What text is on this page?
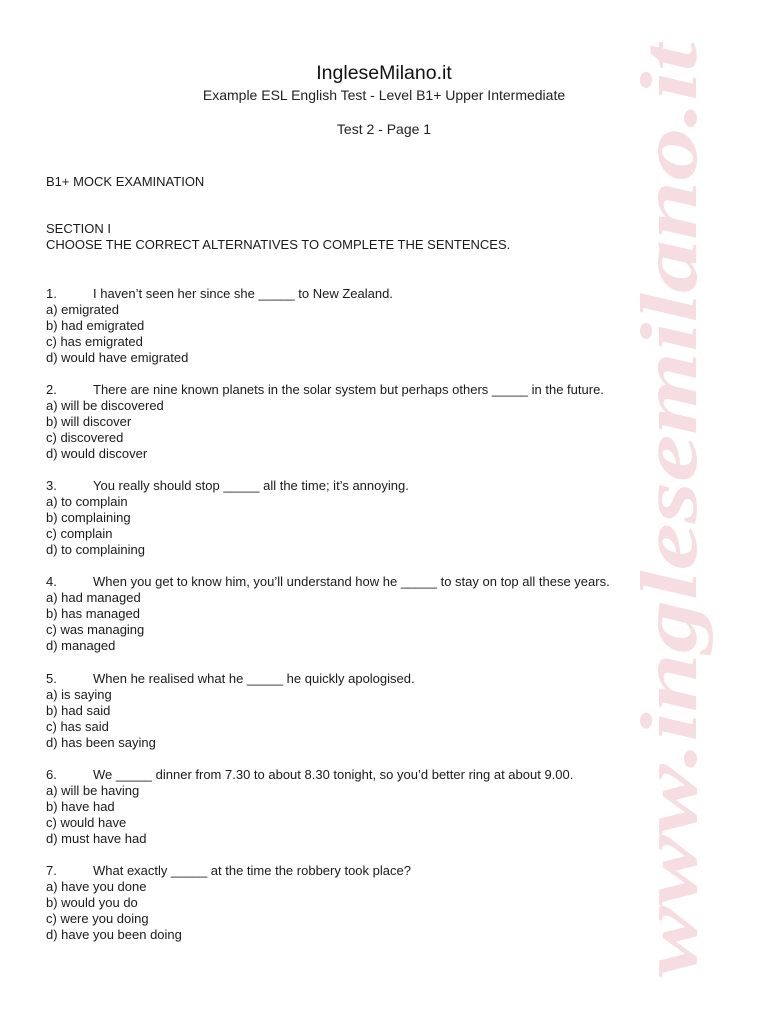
www.inglesemilano.it
IngleseMilano.it
Example ESL English Test - Level B1+ Upper Intermediate
Test 2 - Page 1
B1+ MOCK EXAMINATION
SECTION I
CHOOSE THE CORRECT ALTERNATIVES TO COMPLETE THE SENTENCES.
1.	I haven’t seen her since she _____ to New Zealand.
a) emigrated
b) had emigrated
c) has emigrated
d) would have emigrated
2.	There are nine known planets in the solar system but perhaps others _____ in the future.
a) will be discovered
b) will discover
c) discovered
d) would discover
3.	You really should stop _____ all the time; it’s annoying.
a) to complain
b) complaining
c) complain
d) to complaining
4.	When you get to know him, you’ll understand how he _____ to stay on top all these years.
a) had managed
b) has managed
c) was managing
d) managed
5.	When he realised what he _____ he quickly apologised.
a) is saying
b) had said
c) has said
d) has been saying
6.	We _____ dinner from 7.30 to about 8.30 tonight, so you’d better ring at about 9.00.
a) will be having
b) have had
c) would have
d) must have had
7.	What exactly _____ at the time the robbery took place?
a) have you done
b) would you do
c) were you doing
d) have you been doing
